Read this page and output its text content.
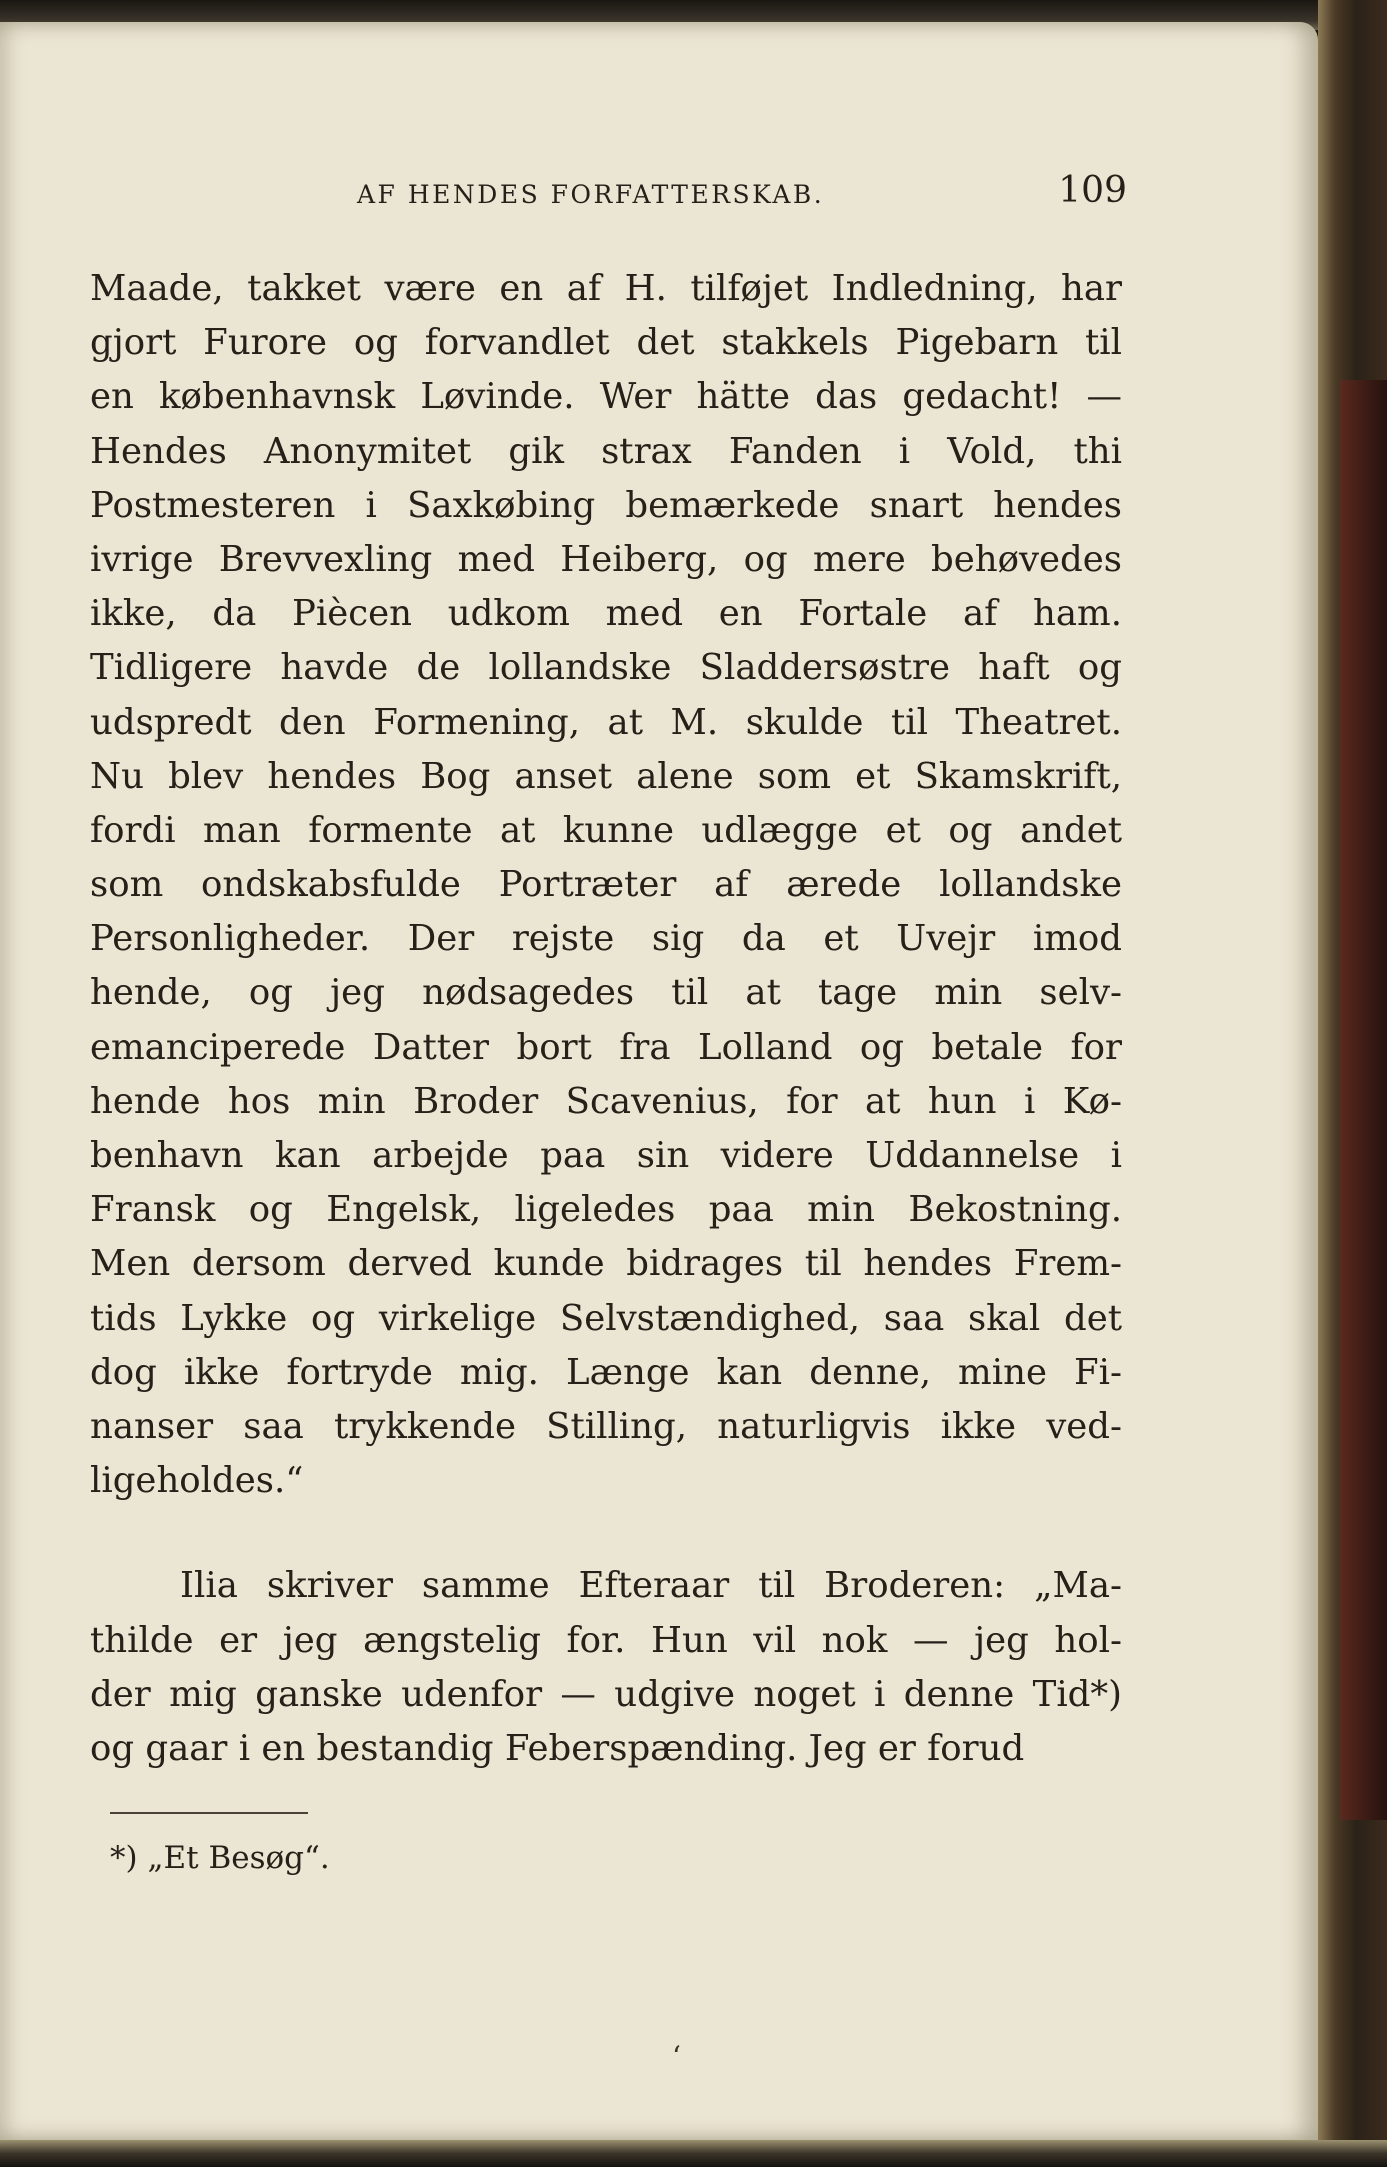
AF HENDES FORFATTERSKAB.	109
Maade, takket være en af H. tilføjet Indledning, har
gjort Furore og forvandlet det stakkels Pigebarn til
en københavnsk Løvinde. Wer hätte das gedacht! —
Hendes Anonymitet gik strax Fanden i Vold, thi
Postmesteren i Saxkøbing bemærkede snart hendes
ivrige Brevvexling med Heiberg, og mere behøvedes
ikke, da Piècen udkom med en Fortale af ham.
Tidligere havde de lollandske Sladdersøstre haft og
udspredt den Formening, at M. skulde til Theatret.
Nu blev hendes Bog anset alene som et Skamskrift,
fordi man formente at kunne udlægge et og andet
som ondskabsfulde Portræter af ærede lollandske
Personligheder. Der rejste sig da et Uvejr imod
hende, og jeg nødsagedes til at tage min selv-
emanciperede Datter bort fra Lolland og betale for
hende hos min Broder Scavenius, for at hun i Kø-
benhavn kan arbejde paa sin videre Uddannelse i
Fransk og Engelsk, ligeledes paa min Bekostning.
Men dersom derved kunde bidrages til hendes Frem-
tids Lykke og virkelige Selvstændighed, saa skal det
dog ikke fortryde mig. Længe kan denne, mine Fi-
nanser saa trykkende Stilling, naturligvis ikke ved-
ligeholdes.“
Ilia skriver samme Efteraar til Broderen: „Ma-
thilde er jeg ængstelig for. Hun vil nok — jeg hol-
der mig ganske udenfor — udgive noget i denne Tid*)
og gaar i en bestandig Feberspænding. Jeg er forud
*) „Et Besøg“.
ʻ
